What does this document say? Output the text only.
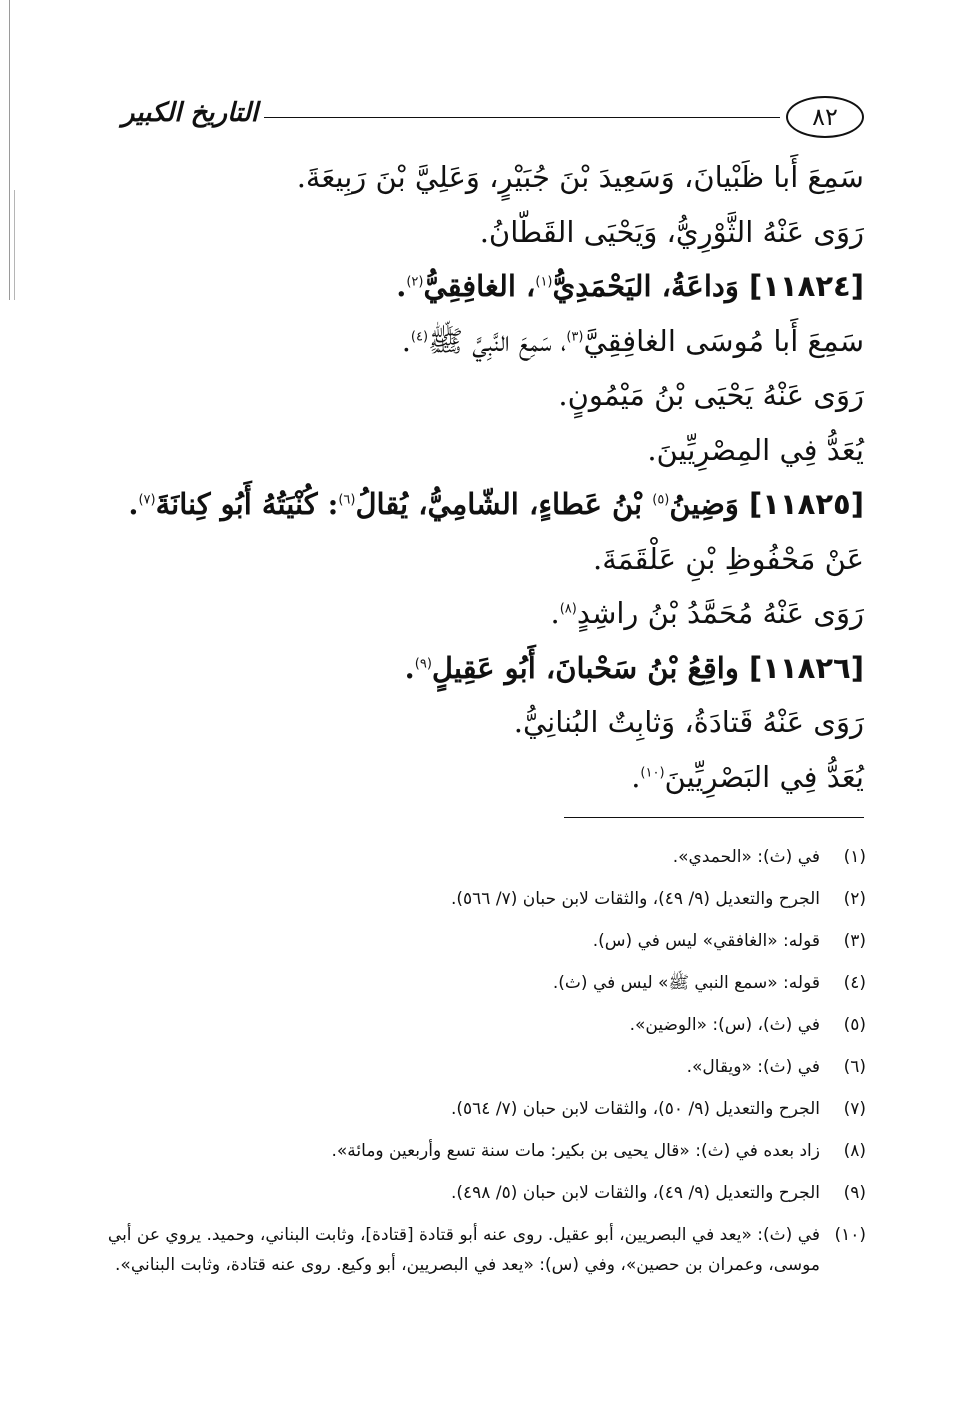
٨٢
التاريخ الكبير
سَمِعَ أَبا ظَبْيانَ، وَسَعِيدَ بْنَ جُبَيْرٍ، وَعَلِيَّ بْنَ رَبِيعَةَ.
رَوَى عَنْهُ الثَّوْرِيُّ، وَيَحْيَى القَطّانُ.
[١١٨٢٤] وَداعَةُ، اليَحْمَدِيُّ$^{(١)}$، الغافِقِيُّ$^{(٢)}$.
سَمِعَ أَبا مُوسَى الغافِقِيَّ$^{(٣)}$، سَمِعَ النَّبِيَّ ﷺ$^{(٤)}$.
رَوَى عَنْهُ يَحْيَى بْنُ مَيْمُونٍ.
يُعَدُّ فِي المِصْرِيِّينَ.
[١١٨٢٥] وَضِينُ$^{(٥)}$ بْنُ عَطاءٍ، الشّامِيُّ، يُقالُ$^{(٦)}$: كُنْيَتُهُ أَبُو كِنانَةَ$^{(٧)}$.
عَنْ مَحْفُوظِ بْنِ عَلْقَمَةَ.
رَوَى عَنْهُ مُحَمَّدُ بْنُ راشِدٍ$^{(٨)}$.
[١١٨٢٦] واقِعُ بْنُ سَحْبانَ، أَبُو عَقِيلٍ$^{(٩)}$.
رَوَى عَنْهُ قَتادَةُ، وَثابِتٌ البُنانِيُّ.
يُعَدُّ فِي البَصْرِيِّينَ$^{(١٠)}$.
(١)
في (ث): «الحمدي».
(٢)
الجرح والتعديل (٩/ ٤٩)، والثقات لابن حبان (٧/ ٥٦٦).
(٣)
قوله: «الغافقي» ليس في (س).
(٤)
قوله: «سمع النبي ﷺ» ليس في (ث).
(٥)
في (ث)، (س): «الوضين».
(٦)
في (ث): «ويقال».
(٧)
الجرح والتعديل (٩/ ٥٠)، والثقات لابن حبان (٧/ ٥٦٤).
(٨)
زاد بعده في (ث): «قال يحيى بن بكير: مات سنة تسع وأربعين ومائة».
(٩)
الجرح والتعديل (٩/ ٤٩)، والثقات لابن حبان (٥/ ٤٩٨).
(١٠)
في (ث): «يعد في البصريين، أبو عقيل. روى عنه أبو قتادة [قتادة]، وثابت البناني، وحميد. يروي عن أبي موسى، وعمران بن حصين»، وفي (س): «يعد في البصريين، أبو وكيع. روى عنه قتادة، وثابت البناني».
